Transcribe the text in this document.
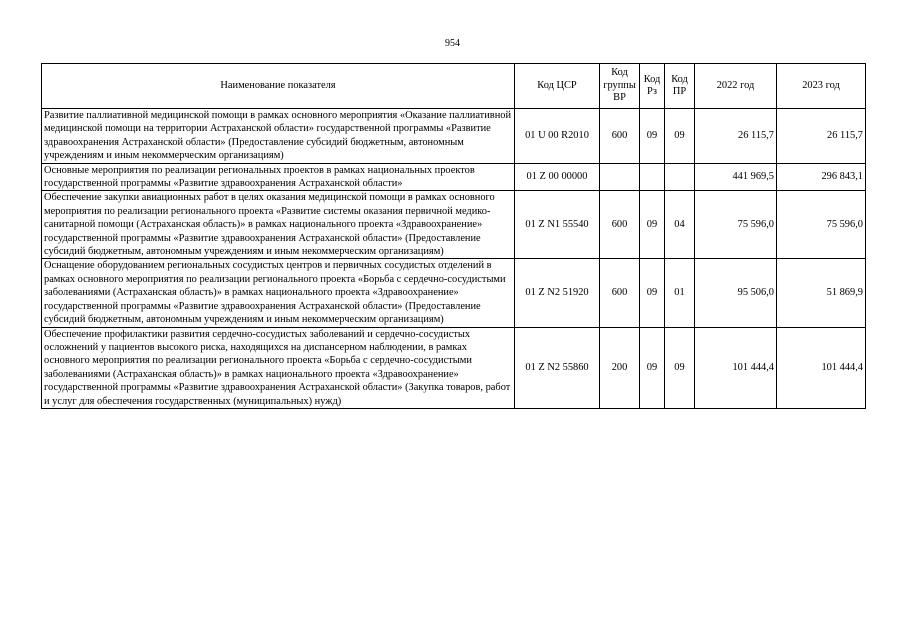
954
Наименование показателя	Код ЦСР	Код группы ВР	Код Рз	Код ПР	2022 год	2023 год
Развитие паллиативной медицинской помощи в рамках основного мероприятия «Оказание паллиативной медицинской помощи на территории Астраханской области» государственной программы «Развитие здравоохранения Астраханской области» (Предоставление субсидий бюджетным, автономным учреждениям и иным некоммерческим организациям)	01 U 00 R2010	600	09	09	26 115,7	26 115,7
Основные мероприятия по реализации региональных проектов в рамках национальных проектов государственной программы «Развитие здравоохранения Астраханской области»	01 Z 00 00000				441 969,5	296 843,1
Обеспечение закупки авиационных работ в целях оказания медицинской помощи в рамках основного мероприятия по реализации регионального проекта «Развитие системы оказания первичной медико-санитарной помощи (Астраханская область)» в рамках национального проекта «Здравоохранение» государственной программы «Развитие здравоохранения Астраханской области» (Предоставление субсидий бюджетным, автономным учреждениям и иным некоммерческим организациям)	01 Z N1 55540	600	09	04	75 596,0	75 596,0
Оснащение оборудованием региональных сосудистых центров и первичных сосудистых отделений в рамках основного мероприятия по реализации регионального проекта «Борьба с сердечно-сосудистыми заболеваниями (Астраханская область)» в рамках национального проекта «Здравоохранение» государственной программы «Развитие здравоохранения Астраханской области» (Предоставление субсидий бюджетным, автономным учреждениям и иным некоммерческим организациям)	01 Z N2 51920	600	09	01	95 506,0	51 869,9
Обеспечение профилактики развития сердечно-сосудистых заболеваний и сердечно-сосудистых осложнений у пациентов высокого риска, находящихся на диспансерном наблюдении, в рамках основного мероприятия по реализации регионального проекта «Борьба с сердечно-сосудистыми заболеваниями (Астраханская область)» в рамках национального проекта «Здравоохранение» государственной программы «Развитие здравоохранения Астраханской области» (Закупка товаров, работ и услуг для обеспечения государственных (муниципальных) нужд)	01 Z N2 55860	200	09	09	101 444,4	101 444,4
